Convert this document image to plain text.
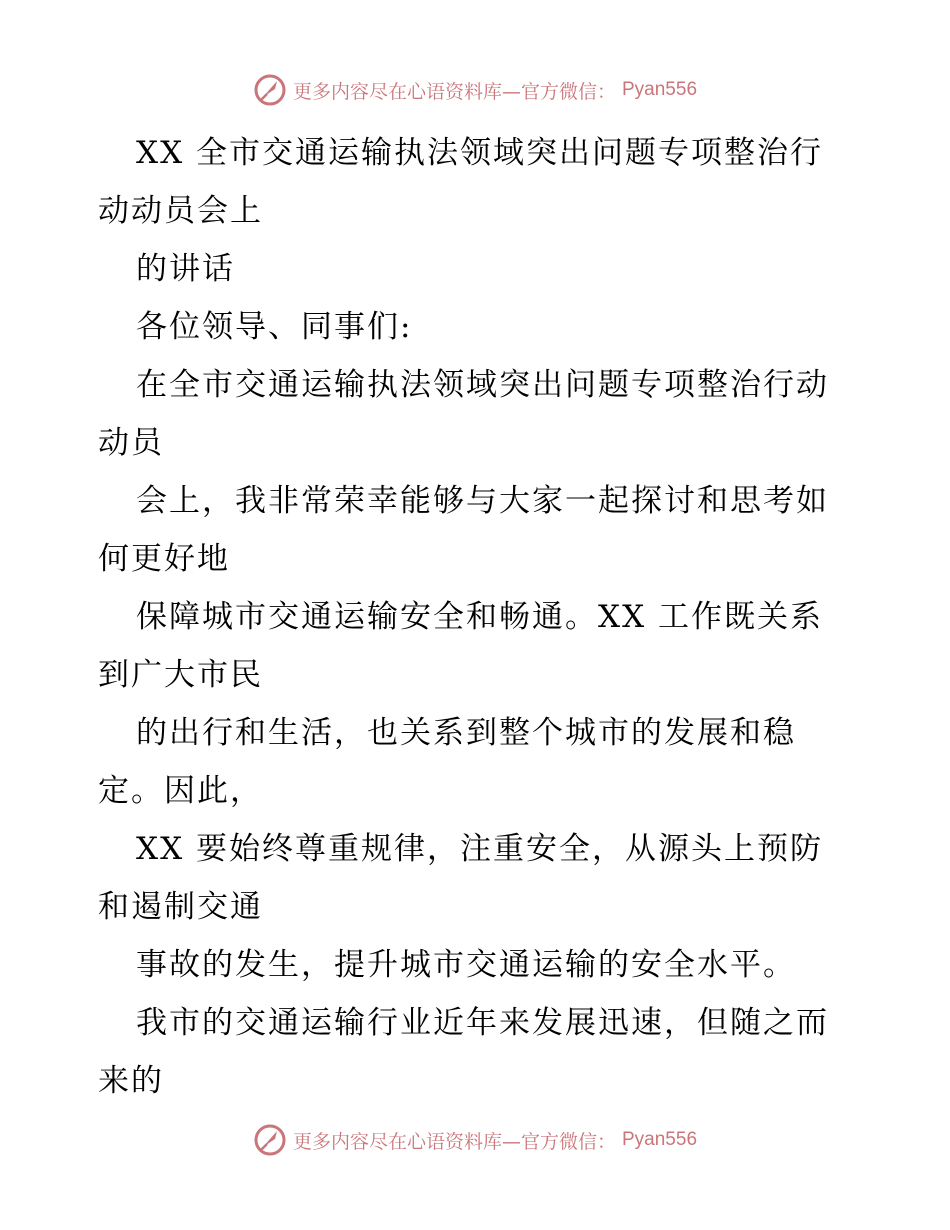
更多内容尽在心语资料库—官方微信： Pyan556
XX 全市交通运输执法领域突出问题专项整治行
动动员会上
的讲话
各位领导、同事们:
在全市交通运输执法领域突出问题专项整治行动
动员
会上，我非常荣幸能够与大家一起探讨和思考如
何更好地
保障城市交通运输安全和畅通。XX 工作既关系
到广大市民
的出行和生活，也关系到整个城市的发展和稳
定。因此，
XX 要始终尊重规律，注重安全，从源头上预防
和遏制交通
事故的发生，提升城市交通运输的安全水平。
我市的交通运输行业近年来发展迅速，但随之而
来的
更多内容尽在心语资料库—官方微信： Pyan556
